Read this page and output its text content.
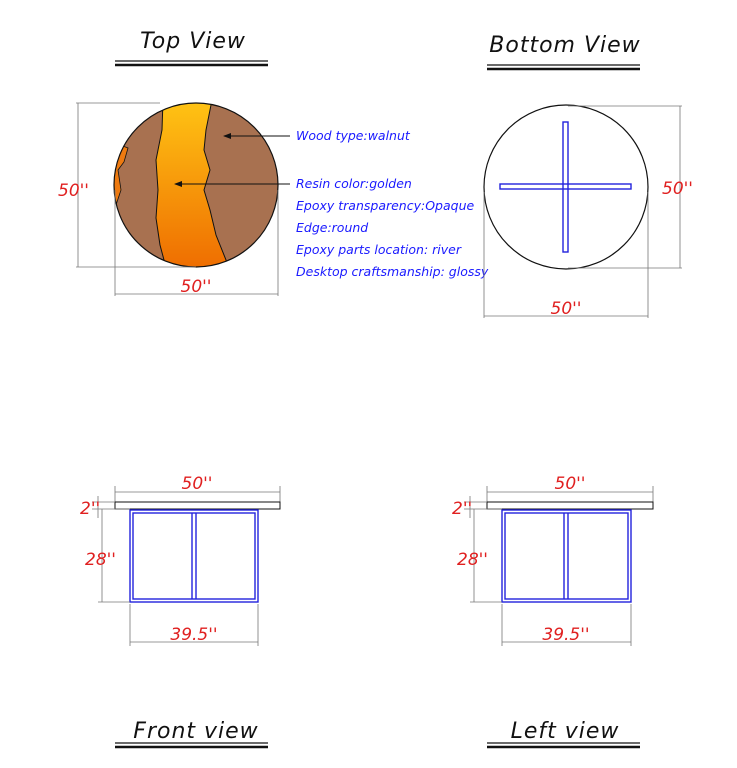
Top View
50''
50''
Wood type:walnut
Resin color:golden
Epoxy transparency:Opaque
Edge:round
Epoxy parts location: river
Desktop craftsmanship: glossy
Bottom View
50''
50''
50''
2''
28''
39.5''
Front view
50''
2''
28''
39.5''
Left view
